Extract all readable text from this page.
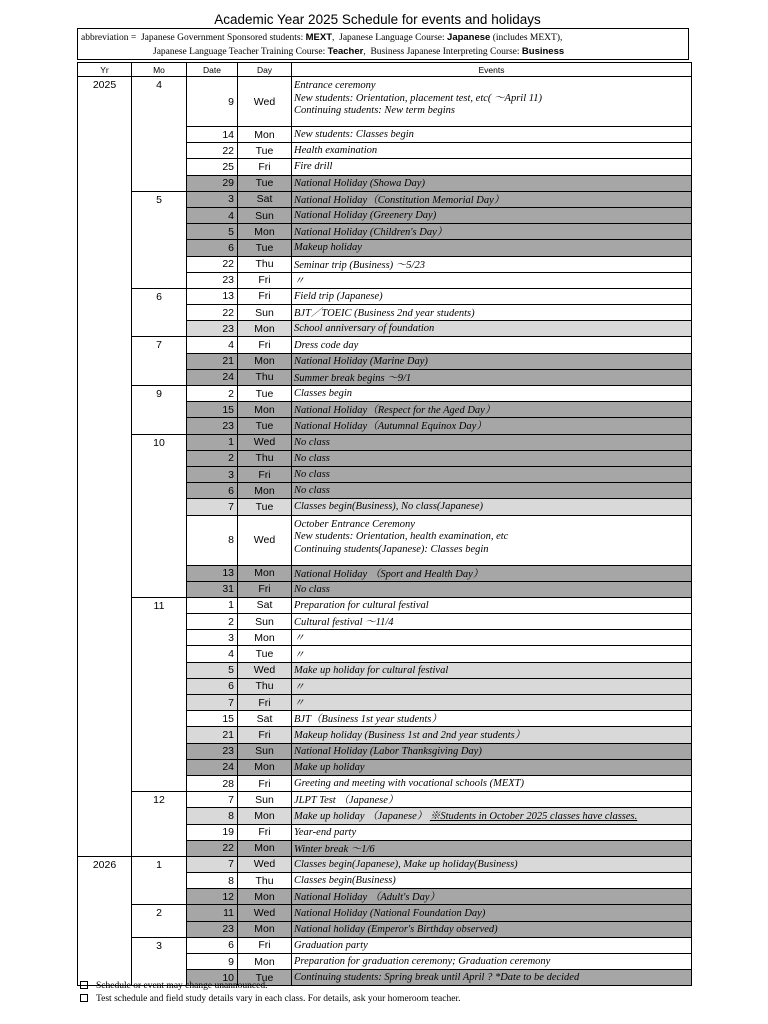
Academic Year 2025 Schedule for events and holidays
abbreviation = Japanese Government Sponsored students: MEXT,  Japanese Language Course: Japanese (includes MEXT),
Japanese Language Teacher Training Course: Teacher,  Business Japanese Interpreting Course: Business
Yr	Mo	Date	Day	Events
2025	4	9	Wed	Entrance ceremony
New students: Orientation, placement test, etc( ～April 11)
Continuing students: New term begins

		14	Mon	New students: Classes begin
		22	Tue	Health examination
		25	Fri	Fire drill
		29	Tue	National Holiday (Showa Day)
	5	3	Sat	National Holiday（Constitution Memorial Day）
		4	Sun	National Holiday (Greenery Day)
		5	Mon	National Holiday (Children's Day）
		6	Tue	Makeup holiday
		22	Thu	Seminar trip (Business) ～5/23
		23	Fri	〃
	6	13	Fri	Field trip (Japanese)
		22	Sun	BJT／TOEIC (Business 2nd year students)
		23	Mon	School anniversary of foundation
	7	4	Fri	Dress code day
		21	Mon	National Holiday (Marine Day)
		24	Thu	Summer break begins ～9/1
	9	2	Tue	Classes begin
		15	Mon	National Holiday（Respect for the Aged Day）
		23	Tue	National Holiday（Autumnal Equinox Day）
	10	1	Wed	No class
		2	Thu	No class
		3	Fri	No class
		6	Mon	No class
		7	Tue	Classes begin(Business), No class(Japanese)
		8	Wed	October Entrance Ceremony
New students: Orientation, health examination, etc
Continuing students(Japanese): Classes begin

		13	Mon	National Holiday （Sport and Health Day）
		31	Fri	No class
	11	1	Sat	Preparation for cultural festival
		2	Sun	Cultural festival ～11/4
		3	Mon	〃
		4	Tue	〃
		5	Wed	Make up holiday for cultural festival
		6	Thu	〃
		7	Fri	〃
		15	Sat	BJT（Business 1st year students）
		21	Fri	Makeup holiday (Business 1st and 2nd year students）
		23	Sun	National Holiday (Labor Thanksgiving Day)
		24	Mon	Make up holiday
		28	Fri	Greeting and meeting with vocational schools (MEXT)
	12	7	Sun	JLPT Test （Japanese）
		8	Mon	Make up holiday （Japanese） ※Students in October 2025 classes have classes.
		19	Fri	Year-end party
		22	Mon	Winter break ～1/6
2026	1	7	Wed	Classes begin(Japanese), Make up holiday(Business)
		8	Thu	Classes begin(Business)
		12	Mon	National Holiday （Adult's Day）
	2	11	Wed	National Holiday (National Foundation Day)
		23	Mon	National holiday (Emperor's Birthday observed)
	3	6	Fri	Graduation party
		9	Mon	Preparation for graduation ceremony; Graduation ceremony
		10	Tue	Continuing students: Spring break until April ? *Date to be decided
Schedule or event may change unannounced.
Test schedule and field study details vary in each class. For details, ask your homeroom teacher.
